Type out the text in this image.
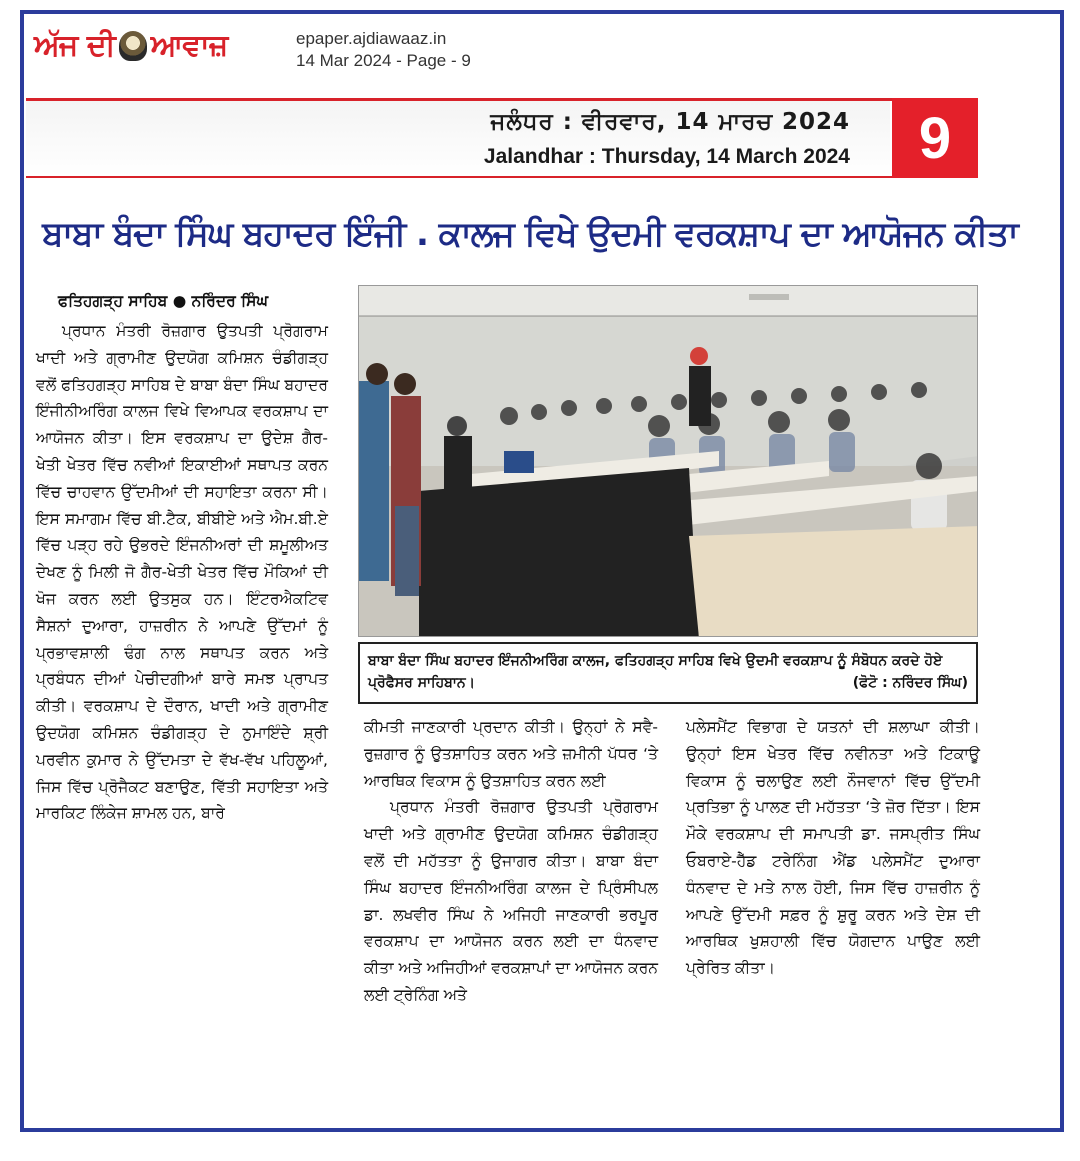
ਅੱਜ ਦੀ ਆਵਾਜ਼	epaper.ajdiawaaz.in
14 Mar 2024 - Page - 9
ਜਲੰਧਰ : ਵੀਰਵਾਰ, 14 ਮਾਰਚ 2024
Jalandhar : Thursday, 14 March 2024	9
ਬਾਬਾ ਬੰਦਾ ਸਿੰਘ ਬਹਾਦਰ ਇੰਜੀ . ਕਾਲਜ ਵਿਖੇ ਉਦਮੀ ਵਰਕਸ਼ਾਪ ਦਾ ਆਯੋਜਨ ਕੀਤਾ
ਫਤਿਹਗੜ੍ਹ ਸਾਹਿਬ ● ਨਰਿੰਦਰ ਸਿੰਘ

ਪ੍ਰਧਾਨ ਮੰਤਰੀ ਰੋਜ਼ਗਾਰ ਉਤਪਤੀ ਪ੍ਰੋਗਰਾਮ ਖਾਦੀ ਅਤੇ ਗ੍ਰਾਮੀਣ ਉਦਯੋਗ ਕਮਿਸ਼ਨ ਚੰਡੀਗੜ੍ਹ ਵਲੋਂ ਫਤਿਹਗੜ੍ਹ ਸਾਹਿਬ ਦੇ ਬਾਬਾ ਬੰਦਾ ਸਿੰਘ ਬਹਾਦਰ ਇੰਜੀਨੀਅਰਿੰਗ ਕਾਲਜ ਵਿਖੇ ਵਿਆਪਕ ਵਰਕਸ਼ਾਪ ਦਾ ਆਯੋਜਨ ਕੀਤਾ। ਇਸ ਵਰਕਸ਼ਾਪ ਦਾ ਉਦੇਸ਼ ਗੈਰ-ਖੇਤੀ ਖੇਤਰ ਵਿੱਚ ਨਵੀਆਂ ਇਕਾਈਆਂ ਸਥਾਪਤ ਕਰਨ ਵਿੱਚ ਚਾਹਵਾਨ ਉੱਦਮੀਆਂ ਦੀ ਸਹਾਇਤਾ ਕਰਨਾ ਸੀ। ਇਸ ਸਮਾਗਮ ਵਿੱਚ ਬੀ.ਟੈਕ, ਬੀਬੀਏ ਅਤੇ ਐਮ.ਬੀ.ਏ ਵਿੱਚ ਪੜ੍ਹ ਰਹੇ ਉਭਰਦੇ ਇੰਜਨੀਅਰਾਂ ਦੀ ਸ਼ਮੂਲੀਅਤ ਦੇਖਣ ਨੂੰ ਮਿਲੀ ਜੋ ਗੈਰ-ਖੇਤੀ ਖੇਤਰ ਵਿੱਚ ਮੌਕਿਆਂ ਦੀ ਖੋਜ ਕਰਨ ਲਈ ਉਤਸੁਕ ਹਨ। ਇੰਟਰਐਕਟਿਵ ਸੈਸ਼ਨਾਂ ਦੁਆਰਾ, ਹਾਜ਼ਰੀਨ ਨੇ ਆਪਣੇ ਉੱਦਮਾਂ ਨੂੰ ਪ੍ਰਭਾਵਸ਼ਾਲੀ ਢੰਗ ਨਾਲ ਸਥਾਪਤ ਕਰਨ ਅਤੇ ਪ੍ਰਬੰਧਨ ਦੀਆਂ ਪੇਚੀਦਗੀਆਂ ਬਾਰੇ ਸਮਝ ਪ੍ਰਾਪਤ ਕੀਤੀ। ਵਰਕਸ਼ਾਪ ਦੇ ਦੌਰਾਨ, ਖਾਦੀ ਅਤੇ ਗ੍ਰਾਮੀਣ ਉਦਯੋਗ ਕਮਿਸ਼ਨ ਚੰਡੀਗੜ੍ਹ ਦੇ ਨੁਮਾਇੰਦੇ ਸ਼੍ਰੀ ਪਰਵੀਨ ਕੁਮਾਰ ਨੇ ਉੱਦਮਤਾ ਦੇ ਵੱਖ-ਵੱਖ ਪਹਿਲੂਆਂ, ਜਿਸ ਵਿੱਚ ਪ੍ਰੋਜੈਕਟ ਬਣਾਉਣ, ਵਿੱਤੀ ਸਹਾਇਤਾ ਅਤੇ ਮਾਰਕਿਟ ਲਿੰਕੇਜ ਸ਼ਾਮਲ ਹਨ, ਬਾਰੇ

ਬਾਬਾ ਬੰਦਾ ਸਿੰਘ ਬਹਾਦਰ ਇੰਜਨੀਅਰਿੰਗ ਕਾਲਜ, ਫਤਿਹਗੜ੍ਹ ਸਾਹਿਬ ਵਿਖੇ ਉਦਮੀ ਵਰਕਸ਼ਾਪ ਨੂੰ ਸੰਬੋਧਨ ਕਰਦੇ ਹੋਏ ਪ੍ਰੋਫੈਸਰ ਸਾਹਿਬਾਨ।	(ਫੋਟੋ : ਨਰਿੰਦਰ ਸਿੰਘ)
ਕੀਮਤੀ ਜਾਣਕਾਰੀ ਪ੍ਰਦਾਨ ਕੀਤੀ। ਉਨ੍ਹਾਂ ਨੇ ਸਵੈ-ਰੁਜ਼ਗਾਰ ਨੂੰ ਉਤਸ਼ਾਹਿਤ ਕਰਨ ਅਤੇ ਜ਼ਮੀਨੀ ਪੱਧਰ ‘ਤੇ ਆਰਥਿਕ ਵਿਕਾਸ ਨੂੰ ਉਤਸ਼ਾਹਿਤ ਕਰਨ ਲਈ

ਪ੍ਰਧਾਨ ਮੰਤਰੀ ਰੋਜ਼ਗਾਰ ਉਤਪਤੀ ਪ੍ਰੋਗਰਾਮ ਖਾਦੀ ਅਤੇ ਗ੍ਰਾਮੀਣ ਉਦਯੋਗ ਕਮਿਸ਼ਨ ਚੰਡੀਗੜ੍ਹ ਵਲੋਂ ਦੀ ਮਹੱਤਤਾ ਨੂੰ ਉਜਾਗਰ ਕੀਤਾ। ਬਾਬਾ ਬੰਦਾ ਸਿੰਘ ਬਹਾਦਰ ਇੰਜਨੀਅਰਿੰਗ ਕਾਲਜ ਦੇ ਪ੍ਰਿੰਸੀਪਲ ਡਾ. ਲਖਵੀਰ ਸਿੰਘ ਨੇ ਅਜਿਹੀ ਜਾਣਕਾਰੀ ਭਰਪੂਰ ਵਰਕਸ਼ਾਪ ਦਾ ਆਯੋਜਨ ਕਰਨ ਲਈ ਦਾ ਧੰਨਵਾਦ ਕੀਤਾ ਅਤੇ ਅਜਿਹੀਆਂ ਵਰਕਸ਼ਾਪਾਂ ਦਾ ਆਯੋਜਨ ਕਰਨ ਲਈ ਟ੍ਰੇਨਿੰਗ ਅਤੇ

ਪਲੇਸਮੈਂਟ ਵਿਭਾਗ ਦੇ ਯਤਨਾਂ ਦੀ ਸ਼ਲਾਘਾ ਕੀਤੀ। ਉਨ੍ਹਾਂ ਇਸ ਖੇਤਰ ਵਿੱਚ ਨਵੀਨਤਾ ਅਤੇ ਟਿਕਾਊ ਵਿਕਾਸ ਨੂੰ ਚਲਾਉਣ ਲਈ ਨੌਜਵਾਨਾਂ ਵਿੱਚ ਉੱਦਮੀ ਪ੍ਰਤਿਭਾ ਨੂੰ ਪਾਲਣ ਦੀ ਮਹੱਤਤਾ ‘ਤੇ ਜ਼ੋਰ ਦਿੱਤਾ। ਇਸ ਮੌਕੇ ਵਰਕਸ਼ਾਪ ਦੀ ਸਮਾਪਤੀ ਡਾ. ਜਸਪ੍ਰੀਤ ਸਿੰਘ ਓਬਰਾਏ-ਹੈੱਡ ਟਰੇਨਿੰਗ ਐਂਡ ਪਲੇਸਮੈਂਟ ਦੁਆਰਾ ਧੰਨਵਾਦ ਦੇ ਮਤੇ ਨਾਲ ਹੋਈ, ਜਿਸ ਵਿੱਚ ਹਾਜ਼ਰੀਨ ਨੂੰ ਆਪਣੇ ਉੱਦਮੀ ਸਫ਼ਰ ਨੂੰ ਸ਼ੁਰੂ ਕਰਨ ਅਤੇ ਦੇਸ਼ ਦੀ ਆਰਥਿਕ ਖੁਸ਼ਹਾਲੀ ਵਿੱਚ ਯੋਗਦਾਨ ਪਾਉਣ ਲਈ ਪ੍ਰੇਰਿਤ ਕੀਤਾ।
